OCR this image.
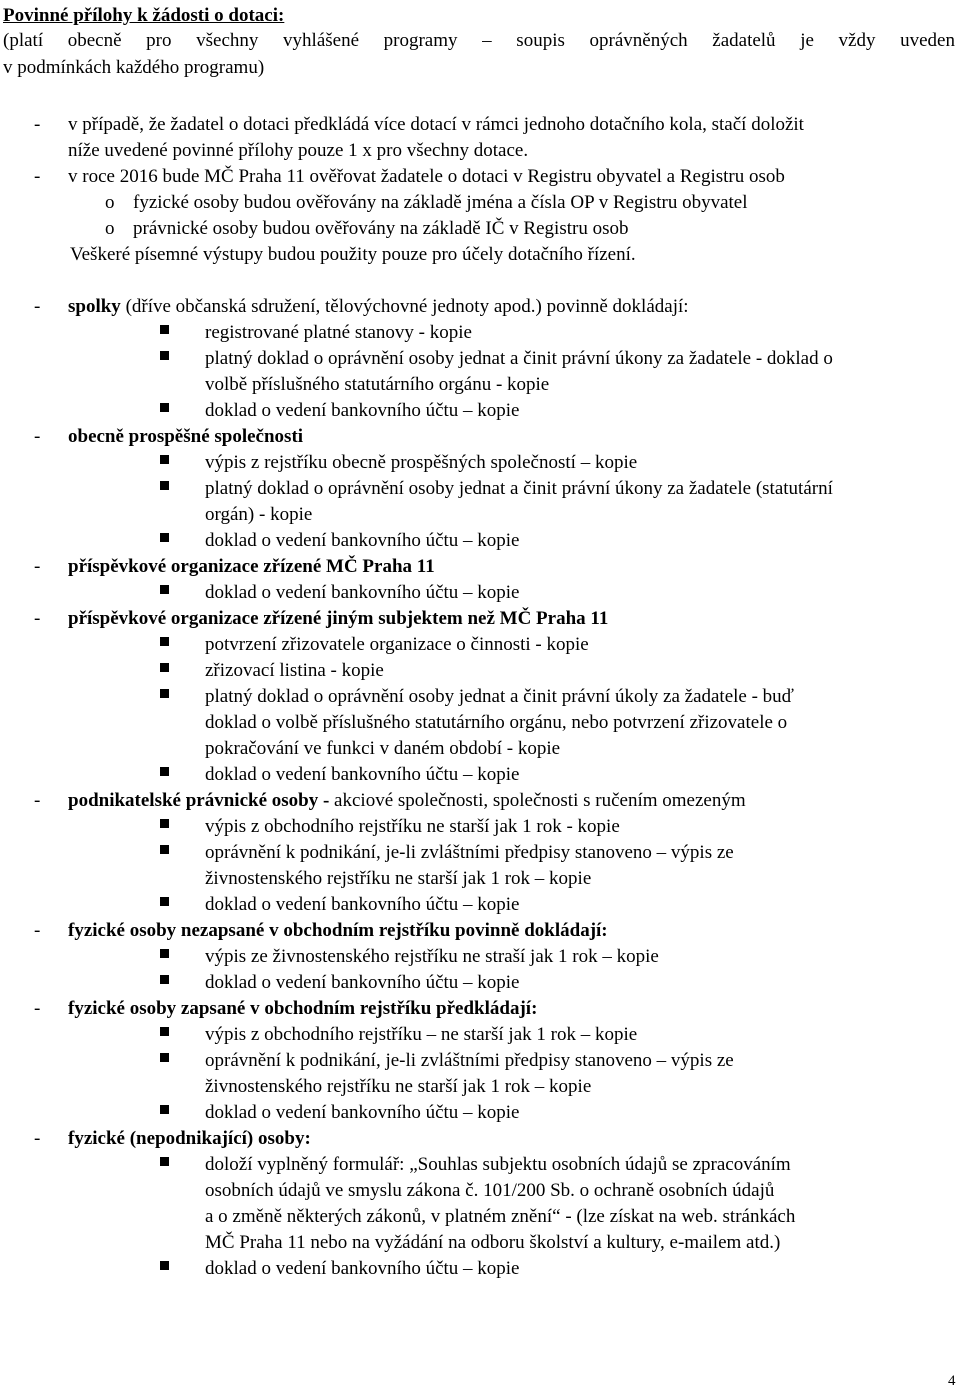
Povinné přílohy k žádosti o dotaci:
(platí obecně pro všechny vyhlášené programy – soupis oprávněných žadatelů je vždy uveden
v podmínkách každého programu)
- v případě, že žadatel o dotaci předkládá více dotací v rámci jednoho dotačního kola, stačí doložit
níže uvedené povinné přílohy pouze 1 x pro všechny dotace.
- v roce 2016 bude MČ Praha 11 ověřovat žadatele o dotaci v Registru obyvatel a Registru osob
o fyzické osoby budou ověřovány na základě jména a čísla OP v Registru obyvatel
o právnické osoby budou ověřovány na základě IČ v Registru osob
Veškeré písemné výstupy budou použity pouze pro účely dotačního řízení.
- spolky (dříve občanská sdružení, tělovýchovné jednoty apod.) povinně dokládají:
registrované platné stanovy - kopie
platný doklad o oprávnění osoby jednat a činit právní úkony za žadatele - doklad o
volbě příslušného statutárního orgánu - kopie
doklad o vedení bankovního účtu – kopie
- obecně prospěšné společnosti
výpis z rejstříku obecně prospěšných společností – kopie
platný doklad o oprávnění osoby jednat a činit právní úkony za žadatele (statutární
orgán) - kopie
doklad o vedení bankovního účtu – kopie
- příspěvkové organizace zřízené MČ Praha 11
doklad o vedení bankovního účtu – kopie
- příspěvkové organizace zřízené jiným subjektem než MČ Praha 11
potvrzení zřizovatele organizace o činnosti - kopie
zřizovací listina - kopie
platný doklad o oprávnění osoby jednat a činit právní úkoly za žadatele - buď
doklad o volbě příslušného statutárního orgánu, nebo potvrzení zřizovatele o
pokračování ve funkci v daném období - kopie
doklad o vedení bankovního účtu – kopie
- podnikatelské právnické osoby - akciové společnosti, společnosti s ručením omezeným
výpis z obchodního rejstříku ne starší jak 1 rok - kopie
oprávnění k podnikání, je-li zvláštními předpisy stanoveno – výpis ze
živnostenského rejstříku ne starší jak 1 rok – kopie
doklad o vedení bankovního účtu – kopie
- fyzické osoby nezapsané v obchodním rejstříku povinně dokládají:
výpis ze živnostenského rejstříku ne straší jak 1 rok – kopie
doklad o vedení bankovního účtu – kopie
- fyzické osoby zapsané v obchodním rejstříku předkládají:
výpis z obchodního rejstříku – ne starší jak 1 rok – kopie
oprávnění k podnikání, je-li zvláštními předpisy stanoveno – výpis ze
živnostenského rejstříku ne starší jak 1 rok – kopie
doklad o vedení bankovního účtu – kopie
- fyzické (nepodnikající) osoby:
doloží vyplněný formulář: „Souhlas subjektu osobních údajů se zpracováním
osobních údajů ve smyslu zákona č. 101/200 Sb. o ochraně osobních údajů
a o změně některých zákonů, v platném znění“ - (lze získat na web. stránkách
MČ Praha 11 nebo na vyžádání na odboru školství a kultury, e-mailem atd.)
doklad o vedení bankovního účtu – kopie
4
